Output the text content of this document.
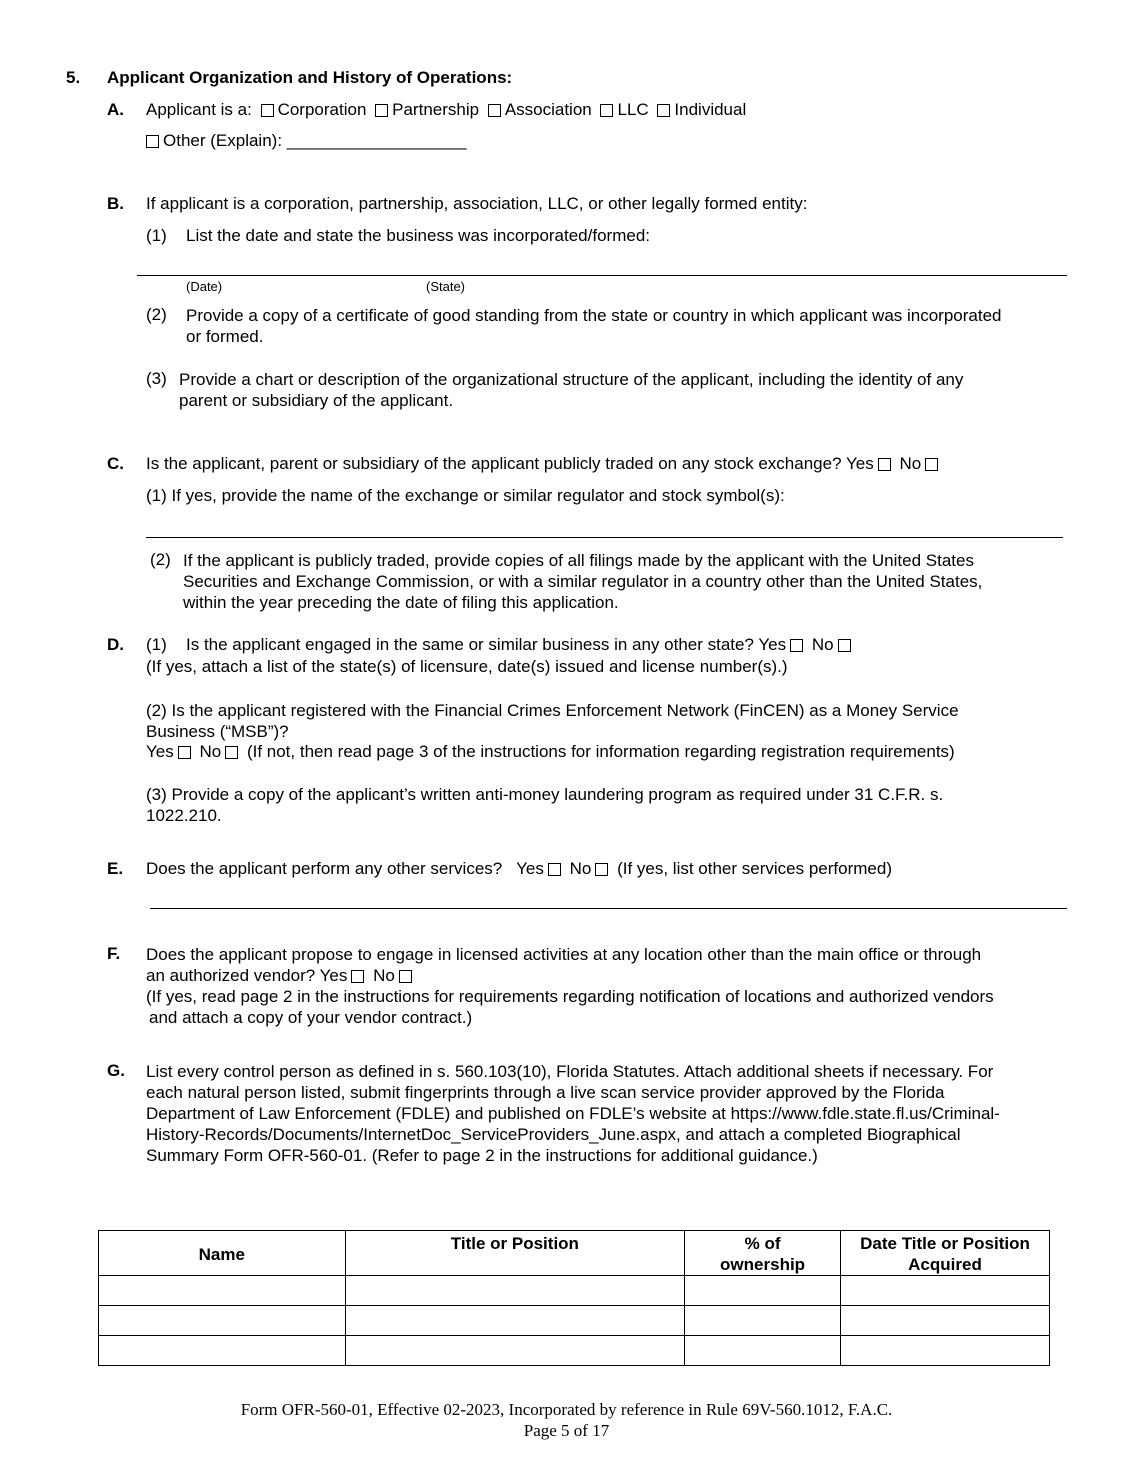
5. Applicant Organization and History of Operations:
A. Applicant is a: Corporation Partnership Association LLC Individual
Other (Explain): ___________________
B. If applicant is a corporation, partnership, association, LLC, or other legally formed entity:
(1) List the date and state the business was incorporated/formed:
(Date)	(State)
(2) Provide a copy of a certificate of good standing from the state or country in which applicant was incorporated
or formed.
(3) Provide a chart or description of the organizational structure of the applicant, including the identity of any
parent or subsidiary of the applicant.
C. Is the applicant, parent or subsidiary of the applicant publicly traded on any stock exchange? Yes No
(1) If yes, provide the name of the exchange or similar regulator and stock symbol(s):
(2) If the applicant is publicly traded, provide copies of all filings made by the applicant with the United States
Securities and Exchange Commission, or with a similar regulator in a country other than the United States,
within the year preceding the date of filing this application.
D. (1) Is the applicant engaged in the same or similar business in any other state? Yes No
(If yes, attach a list of the state(s) of licensure, date(s) issued and license number(s).)
(2) Is the applicant registered with the Financial Crimes Enforcement Network (FinCEN) as a Money Service
Business (“MSB”)?
Yes No (If not, then read page 3 of the instructions for information regarding registration requirements)
(3) Provide a copy of the applicant’s written anti-money laundering program as required under 31 C.F.R. s.
1022.210.
E. Does the applicant perform any other services? Yes No (If yes, list other services performed)
F. Does the applicant propose to engage in licensed activities at any location other than the main office or through
an authorized vendor? Yes No
(If yes, read page 2 in the instructions for requirements regarding notification of locations and authorized vendors
and attach a copy of your vendor contract.)
G. List every control person as defined in s. 560.103(10), Florida Statutes. Attach additional sheets if necessary. For
each natural person listed, submit fingerprints through a live scan service provider approved by the Florida
Department of Law Enforcement (FDLE) and published on FDLE’s website at https://www.fdle.state.fl.us/Criminal-
History-Records/Documents/InternetDoc_ServiceProviders_June.aspx, and attach a completed Biographical
Summary Form OFR-560-01. (Refer to page 2 in the instructions for additional guidance.)
Name	Title or Position	% of ownership	Date Title or Position Acquired

Form OFR-560-01, Effective 02-2023, Incorporated by reference in Rule 69V-560.1012, F.A.C.
Page 5 of 17
